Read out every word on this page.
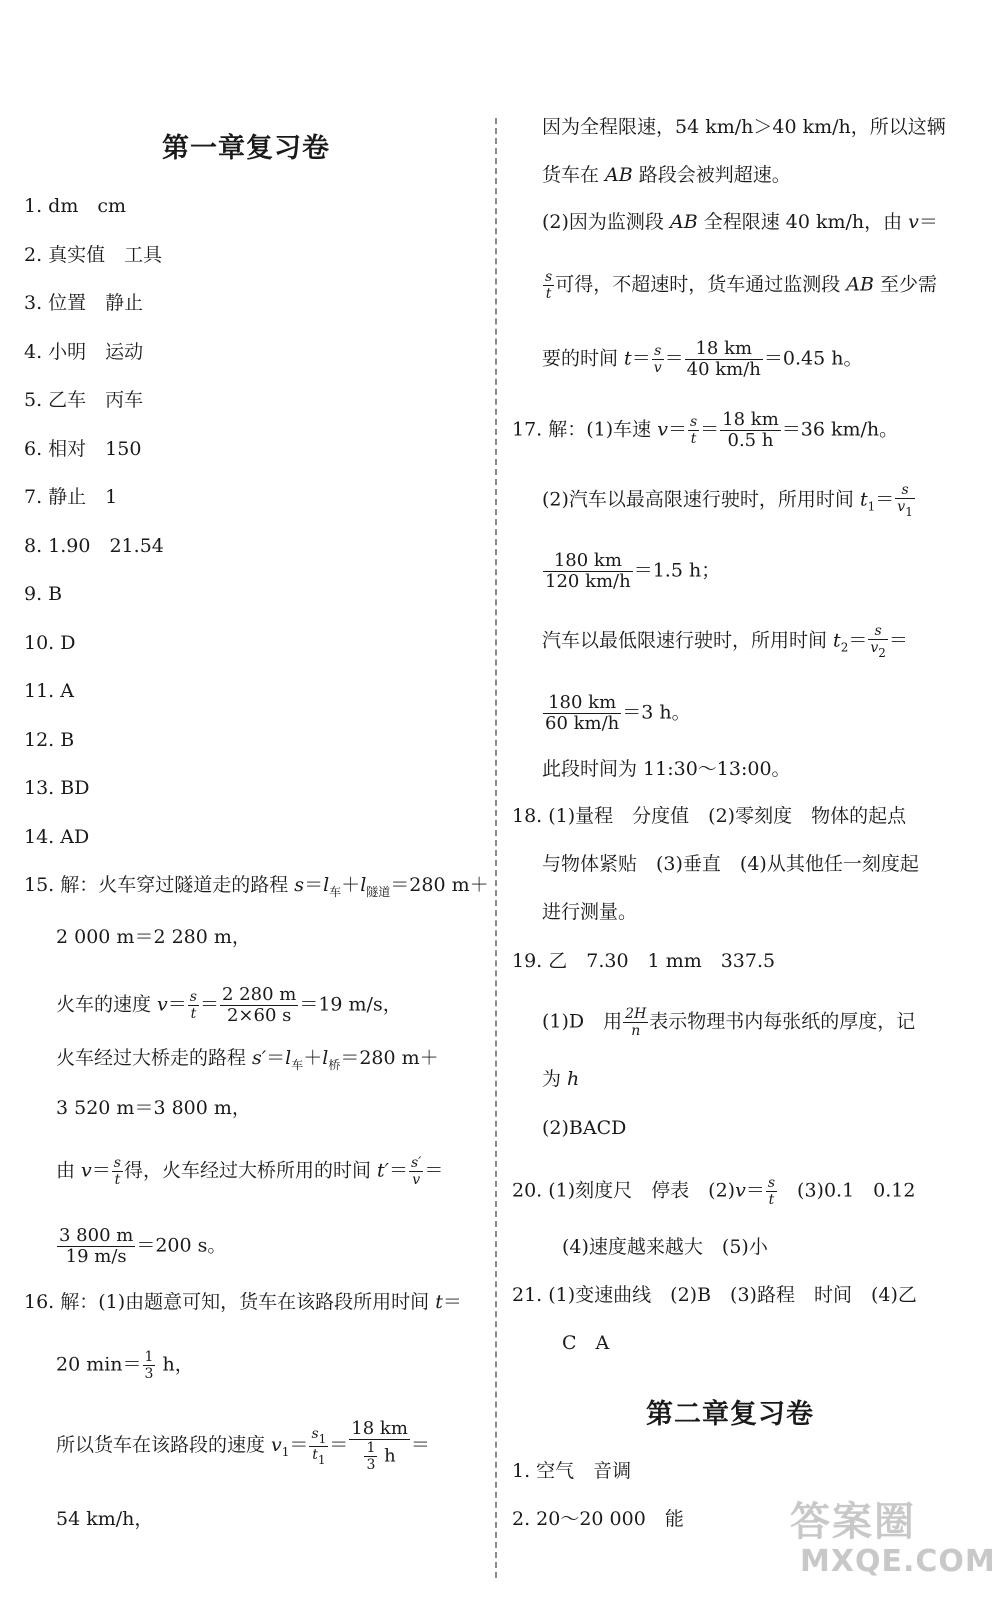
第一章复习卷
1. dm　cm
2. 真实值　工具
3. 位置　静止
4. 小明　运动
5. 乙车　丙车
6. 相对　150
7. 静止　1
8. 1.90　21.54
9. B
10. D
11. A
12. B
13. BD
14. AD
15. 解：火车穿过隧道走的路程 $s=l_车+l_{隧道}=280$ m＋
2 000 m＝2 280 m，
火车的速度 $v= \frac{s}{t} = \frac{2 280 m}{2\times 60 s} =19$ m/s，
火车经过大桥走的路程 $s'=l_车+l_桥=280$ m＋
3 520 m＝3 800 m，
由 $v= \frac{s}{t}$ 得，火车经过大桥所用的时间 $t'= \frac{s'}{v}$ ＝
$\frac{3 800 m}{19 m/s} =200$ s。
16. 解：(1)由题意可知，货车在该路段所用时间 t＝
20 $\min= \frac{1}{3}$ h，
所以货车在该路段的速度 $v_1= \frac{s1}{t1} = \frac{18 km}{\frac{1}{3} h}$ ＝
54 km/h，
因为全程限速，54 km/h＞40 km/h，所以这辆
货车在 AB 路段会被判超速。
(2)因为监测段 AB 全程限速 40 km/h，由 v＝
$\frac{s}{t}$ 可得，不超速时，货车通过监测段 AB 至少需
要的时间 $t= \frac{s}{v} = \frac{18 km}{40 km/h} =0.45$ h。
17. 解：(1)车速 $v= \frac{s}{t} = \frac{18 km}{0.5 h} =36$ km/h。
(2)汽车以最高限速行驶时，所用时间 $t_1= \frac{s}{v1}$
$\frac{180 km}{120 km/h} =1.5$ h；
汽车以最低限速行驶时，所用时间 $t_2= \frac{s}{v2}$ ＝
$\frac{180 km}{60 km/h} =3$ h。
此段时间为 11:30～13:00。
18. (1)量程　分度值　(2)零刻度　物体的起点
与物体紧贴　(3)垂直　(4)从其他任一刻度起
进行测量。
19. 乙　7.30　1 mm　337.5
(1)D　用 $\frac{2H}{n}$ 表示物理书内每张纸的厚度，记
为 h
(2)BACD
20. (1)刻度尺　停表　$(2)v= \frac{s}{t}$ 　(3)0.1　0.12
(4)速度越来越大　(5)小
21. (1)变速曲线　(2)B　(3)路程　时间　(4)乙
C　A
第二章复习卷
1. 空气　音调
2. 20～20 000　能	答案圈
MXQE.COM
